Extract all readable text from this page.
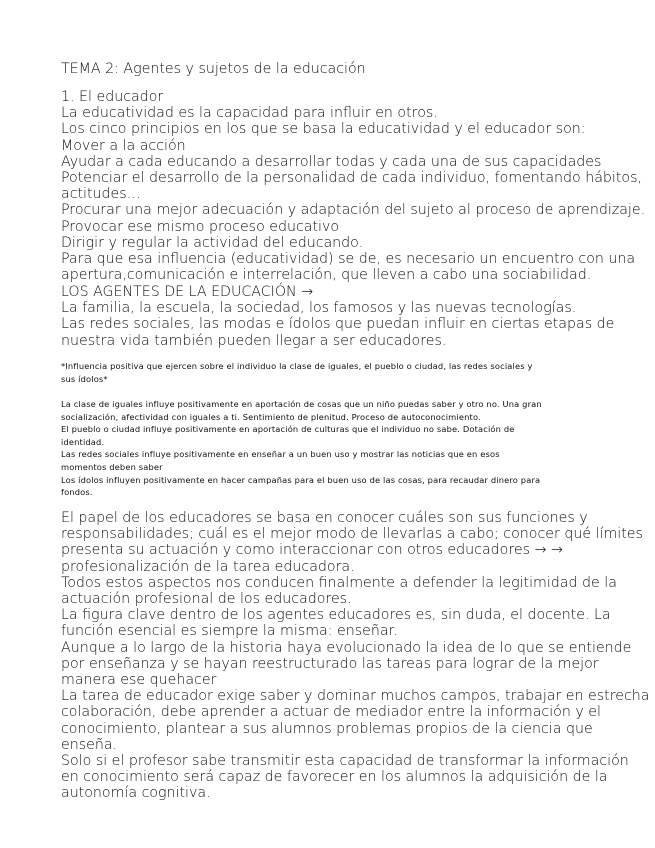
TEMA 2: Agentes y sujetos de la educación

1. El educador
La educatividad es la capacidad para influir en otros.
Los cinco principios en los que se basa la educatividad y el educador son:
Mover a la acción
Ayudar a cada educando a desarrollar todas y cada una de sus capacidades
Potenciar el desarrollo de la personalidad de cada individuo, fomentando hábitos,
actitudes…
Procurar una mejor adecuación y adaptación del sujeto al proceso de aprendizaje.
Provocar ese mismo proceso educativo
Dirigir y regular la actividad del educando.
Para que esa influencia (educatividad) se de, es necesario un encuentro con una
apertura,comunicación e interrelación, que lleven a cabo una sociabilidad.
LOS AGENTES DE LA EDUCACIÓN →
La familia, la escuela, la sociedad, los famosos y las nuevas tecnologías.
Las redes sociales, las modas e ídolos que puedan influir en ciertas etapas de
nuestra vida también pueden llegar a ser educadores.
*Influencia positiva que ejercen sobre el individuo la clase de iguales, el pueblo o ciudad, las redes sociales y
sus ídolos*
La clase de iguales influye positivamente en aportación de cosas que un niño puedas saber y otro no. Una gran
socialización, afectividad con iguales a ti. Sentimiento de plenitud. Proceso de autoconocimiento.
El pueblo o ciudad influye positivamente en aportación de culturas que el individuo no sabe. Dotación de
identidad.
Las redes sociales influye positivamente en enseñar a un buen uso y mostrar las noticias que en esos
momentos deben saber
Los ídolos influyen positivamente en hacer campañas para el buen uso de las cosas, para recaudar dinero para
fondos.
El papel de los educadores se basa en conocer cuáles son sus funciones y
responsabilidades; cuál es el mejor modo de llevarlas a cabo; conocer qué límites
presenta su actuación y como interaccionar con otros educadores → →
profesionalización de la tarea educadora.
Todos estos aspectos nos conducen finalmente a defender la legitimidad de la
actuación profesional de los educadores.
La figura clave dentro de los agentes educadores es, sin duda, el docente. La
función esencial es siempre la misma: enseñar.
Aunque a lo largo de la historia haya evolucionado la idea de lo que se entiende
por enseñanza y se hayan reestructurado las tareas para lograr de la mejor
manera ese quehacer
La tarea de educador exige saber y dominar muchos campos, trabajar en estrecha
colaboración, debe aprender a actuar de mediador entre la información y el
conocimiento, plantear a sus alumnos problemas propios de la ciencia que
enseña.
Solo si el profesor sabe transmitir esta capacidad de transformar la información
en conocimiento será capaz de favorecer en los alumnos la adquisición de la
autonomía cognitiva.
